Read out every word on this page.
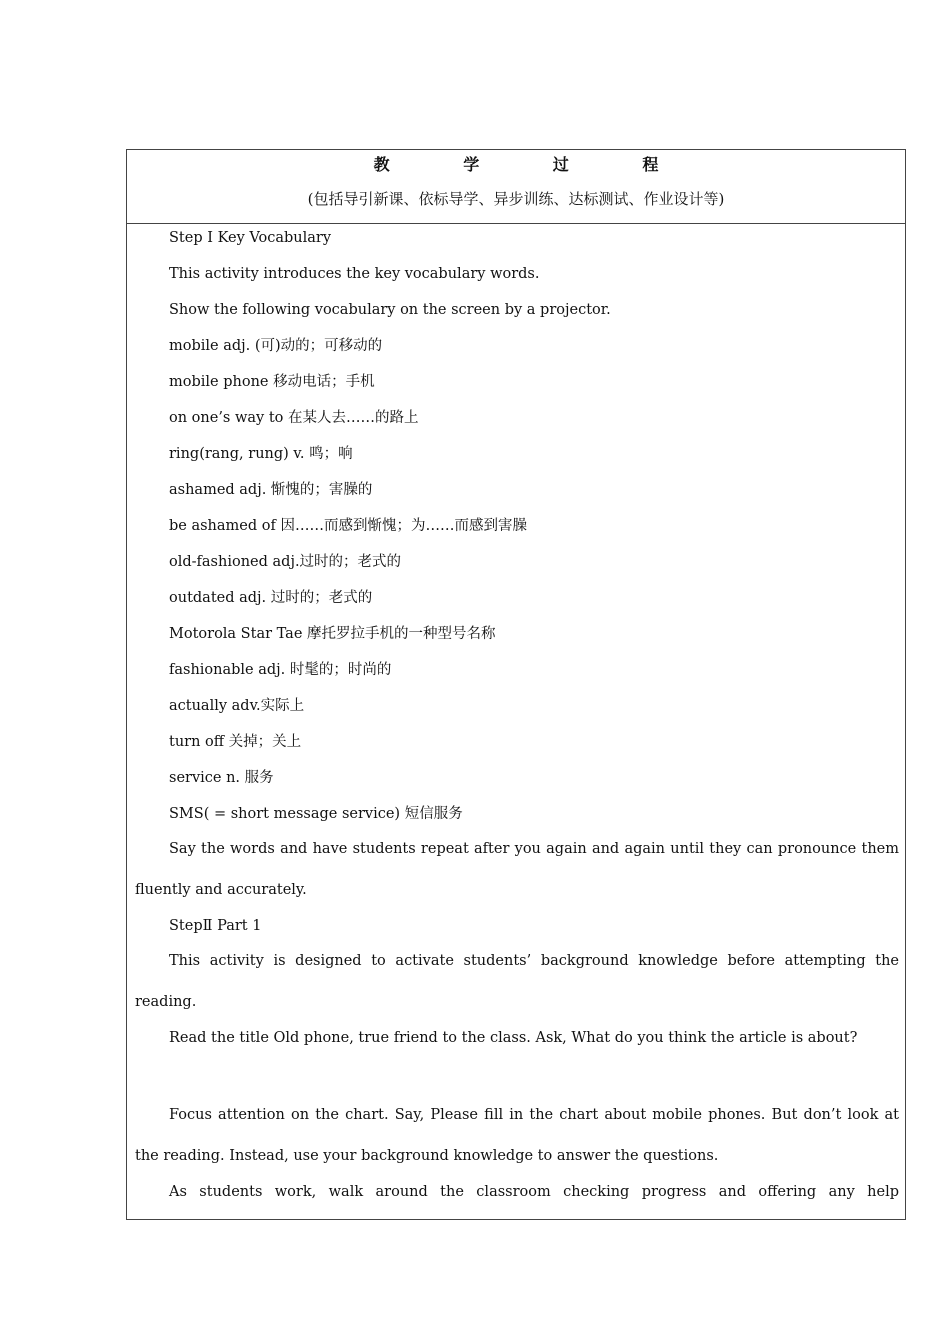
教 学 过 程
(包括导引新课、依标导学、异步训练、达标测试、作业设计等)
Step I Key Vocabulary
This activity introduces the key vocabulary words.
Show the following vocabulary on the screen by a projector.
mobile adj. (可)动的；可移动的
mobile phone 移动电话；手机
on one’s way to 在某人去……的路上
ring(rang, rung) v. 鸣；响
ashamed adj. 惭愧的；害臊的
be ashamed of 因……而感到惭愧；为……而感到害臊
old-fashioned adj.过时的；老式的
outdated adj. 过时的；老式的
Motorola Star Tae 摩托罗拉手机的一种型号名称
fashionable adj. 时髦的；时尚的
actually adv.实际上
turn off 关掉；关上
service n. 服务
SMS( = short message service) 短信服务
Say the words and have students repeat after you again and again until they can pronounce them fluently and accurately.
StepⅡ Part 1
This activity is designed to activate students’ background knowledge before attempting the reading.
Read the title Old phone, true friend to the class. Ask, What do you think the article is about?
Focus attention on the chart. Say, Please fill in the chart about mobile phones. But don’t look at the reading. Instead, use your background knowledge to answer the questions.
As students work, walk around the classroom checking progress and offering any help
